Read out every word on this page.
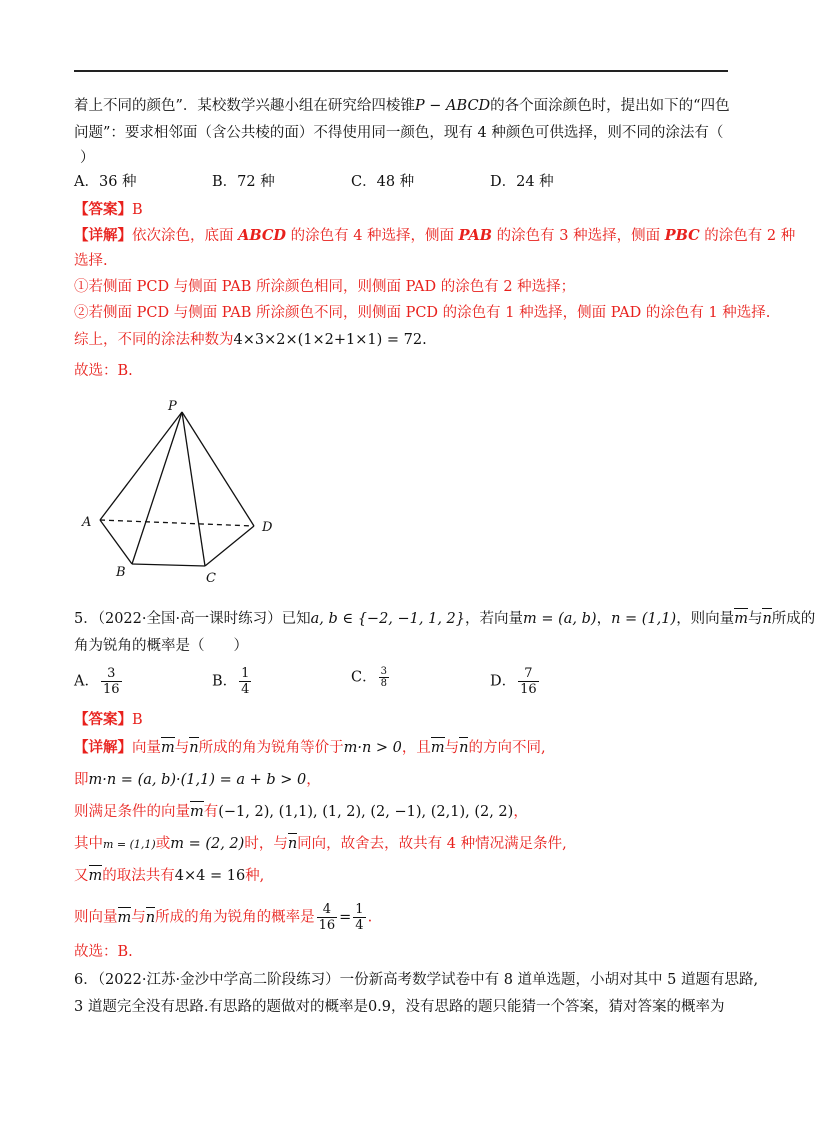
着上不同的颜色”．某校数学兴趣小组在研究给四棱锥P − ABCD的各个面涂颜色时，提出如下的“四色
问题”：要求相邻面（含公共棱的面）不得使用同一颜色，现有 4 种颜色可供选择，则不同的涂法有（
）
A．36 种	B．72 种	C．48 种	D．24 种
【答案】B
【详解】依次涂色，底面 ABCD 的涂色有 4 种选择，侧面 PAB 的涂色有 3 种选择，侧面 PBC 的涂色有 2 种
选择.
①若侧面 PCD 与侧面 PAB 所涂颜色相同，则侧面 PAD 的涂色有 2 种选择；
②若侧面 PCD 与侧面 PAB 所涂颜色不同，则侧面 PCD 的涂色有 1 种选择，侧面 PAD 的涂色有 1 种选择.
综上，不同的涂法种数为4×3×2×(1×2+1×1) = 72.
故选：B.
P
A
B	C
D
5．（2022·全国·高一课时练习）已知a, b ∈ {−2, −1, 1, 2}，若向量m = (a, b)，n = (1,1)，则向量m与n所成的
角为锐角的概率是（　　）
A． $\frac{3}{16}$	B． $\frac{1}{4}$	C． $\frac{3}{8}$	D． $\frac{7}{16}$
【答案】B
【详解】向量m与n所成的角为锐角等价于m·n > 0，且m与n的方向不同,
即m·n = (a, b)·(1,1) = a + b > 0，
则满足条件的向量m有(−1, 2), (1,1), (1, 2), (2, −1), (2,1), (2, 2)，
其中m = (1,1)或m = (2, 2)时，与n同向，故舍去，故共有 4 种情况满足条件,
又m的取法共有4×4 = 16种,
则向量m与n所成的角为锐角的概率是 $\frac{4}{16} = \frac{1}{4}$ .
故选：B.
6．（2022·江苏·金沙中学高二阶段练习）一份新高考数学试卷中有 8 道单选题，小胡对其中 5 道题有思路,
3 道题完全没有思路.有思路的题做对的概率是0.9，没有思路的题只能猜一个答案，猜对答案的概率为
